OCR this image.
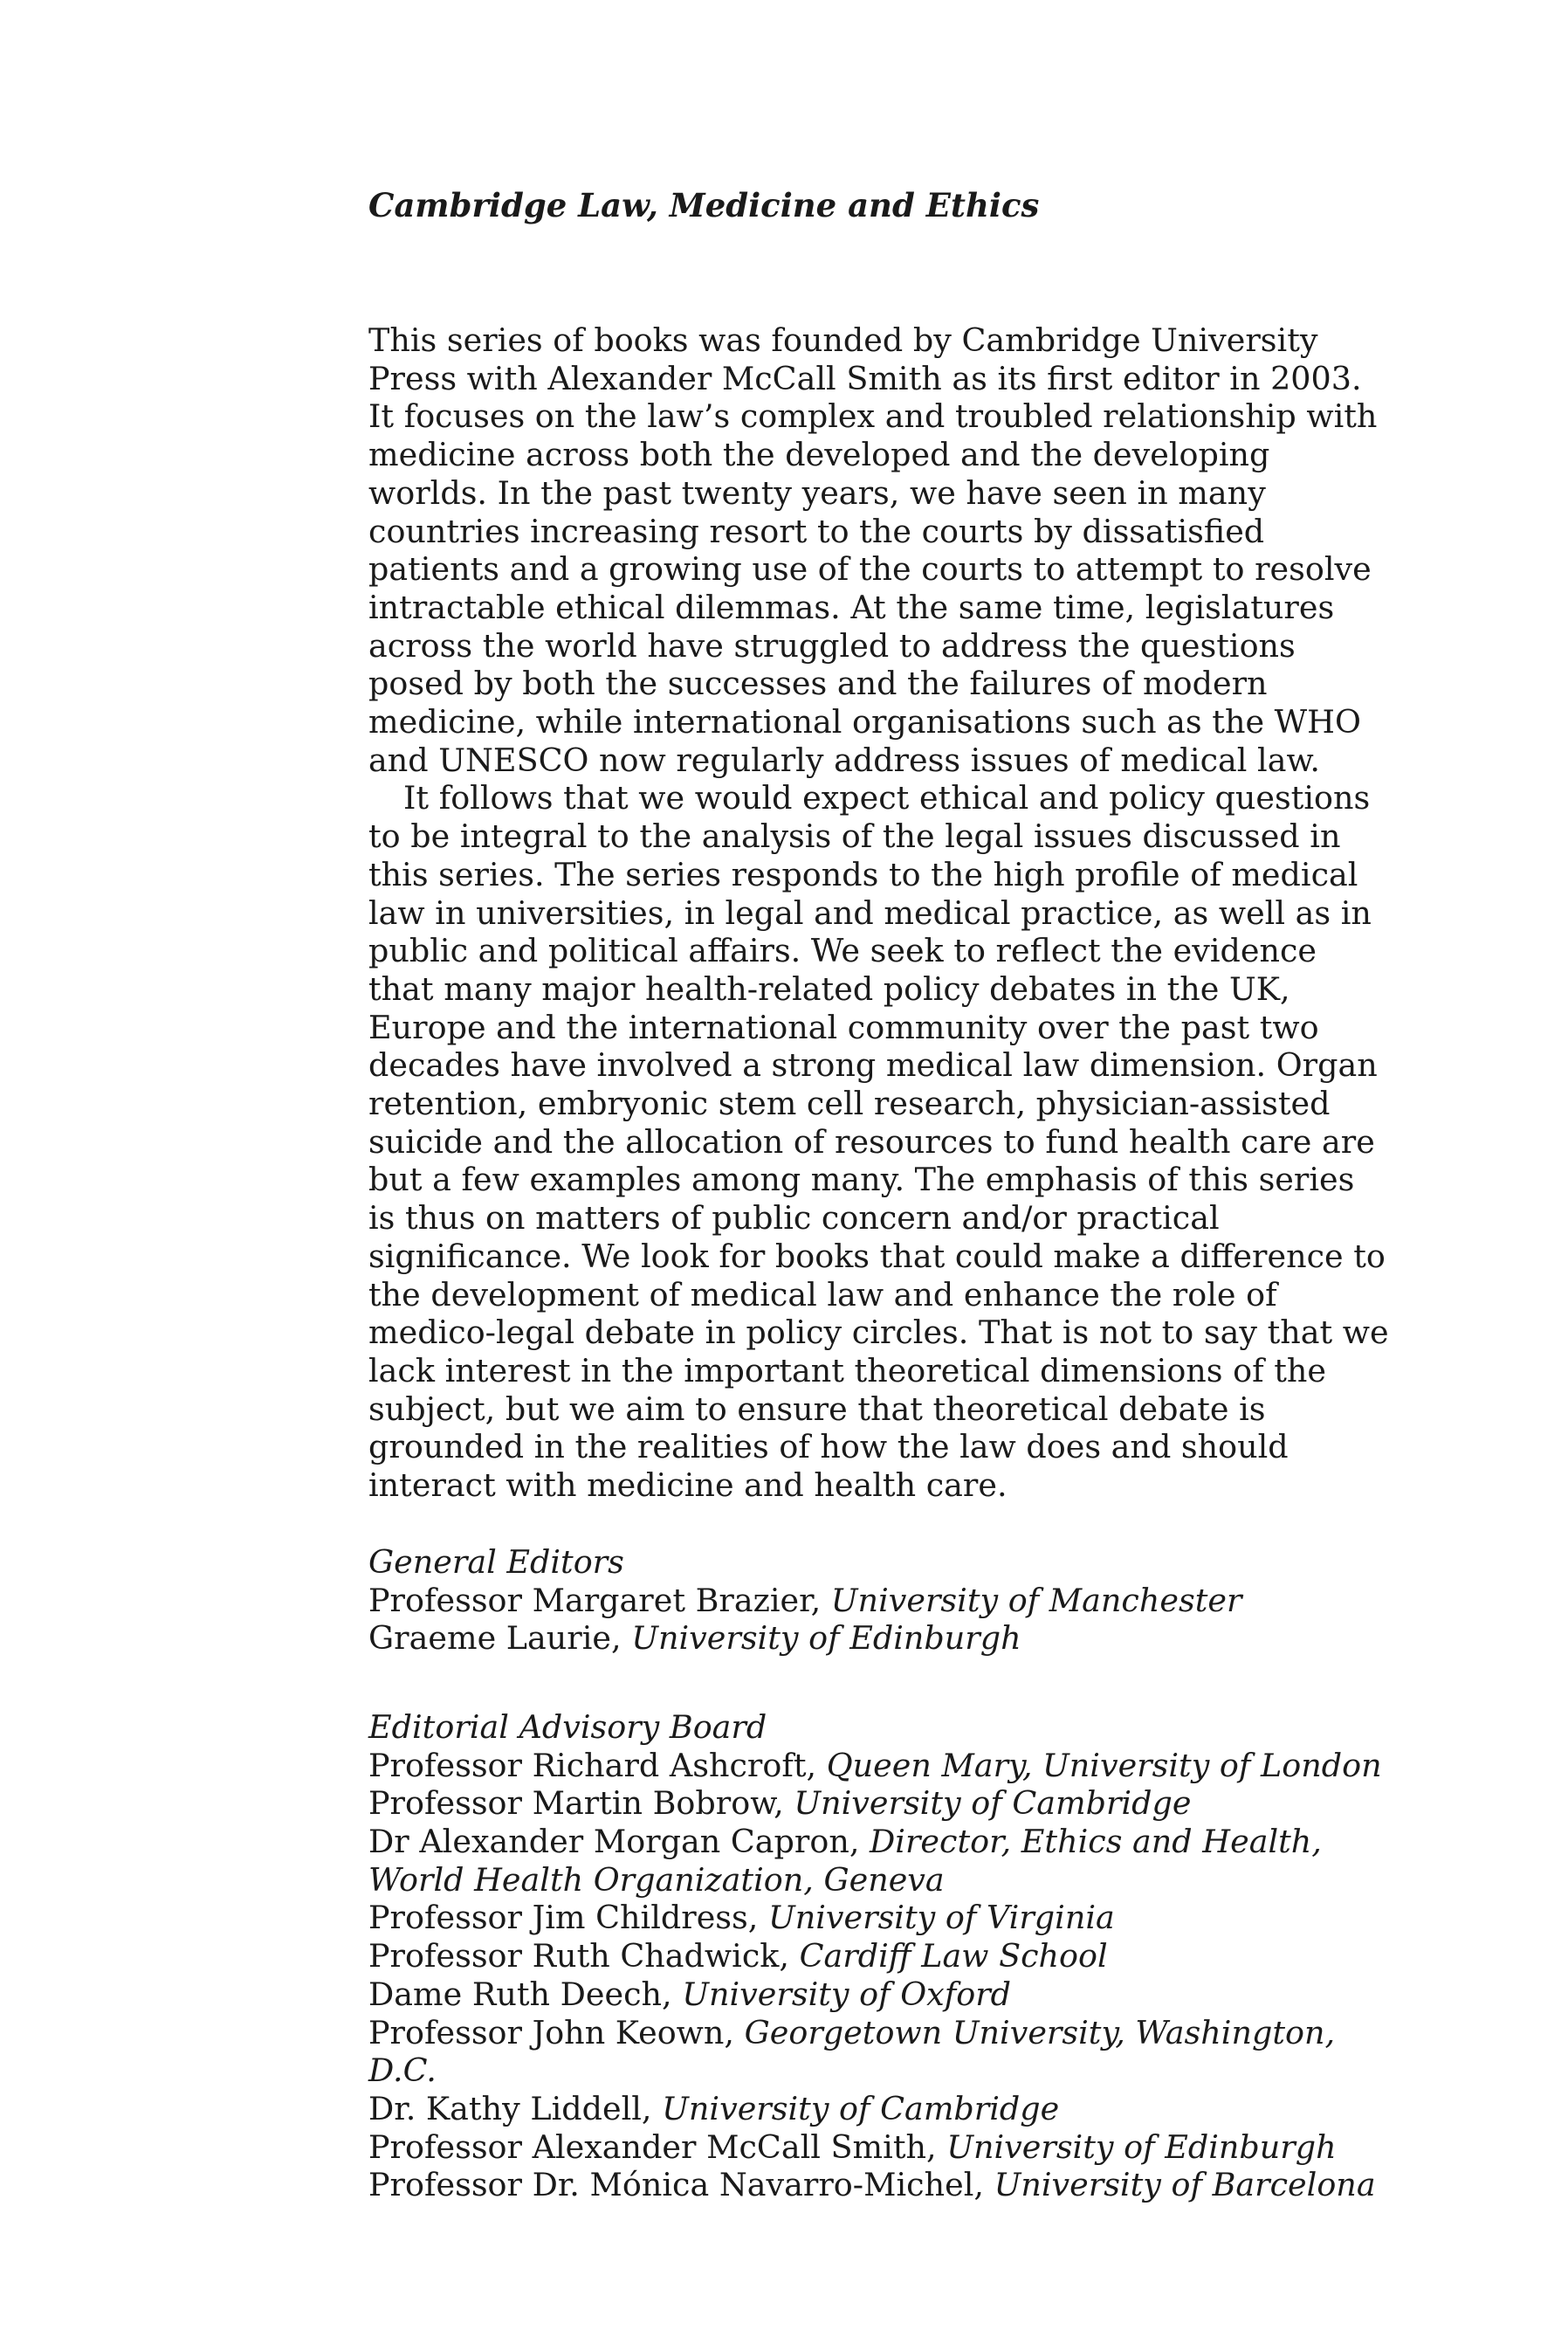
Cambridge Law, Medicine and Ethics

This series of books was founded by Cambridge University Press with Alexander McCall Smith as its first editor in 2003. It focuses on the law’s complex and troubled relationship with medicine across both the developed and the developing worlds. In the past twenty years, we have seen in many countries increasing resort to the courts by dissatisfied patients and a growing use of the courts to attempt to resolve intractable ethical dilemmas. At the same time, legislatures across the world have struggled to address the questions posed by both the successes and the failures of modern medicine, while international organisations such as the WHO and UNESCO now regularly address issues of medical law.

It follows that we would expect ethical and policy questions to be integral to the analysis of the legal issues discussed in this series. The series responds to the high profile of medical law in universities, in legal and medical practice, as well as in public and political affairs. We seek to reflect the evidence that many major health-related policy debates in the UK, Europe and the international community over the past two decades have involved a strong medical law dimension. Organ retention, embryonic stem cell research, physician-assisted suicide and the allocation of resources to fund health care are but a few examples among many. The emphasis of this series is thus on matters of public concern and/or practical significance. We look for books that could make a difference to the development of medical law and enhance the role of medico-legal debate in policy circles. That is not to say that we lack interest in the important theoretical dimensions of the subject, but we aim to ensure that theoretical debate is grounded in the realities of how the law does and should interact with medicine and health care.

General Editors

Professor Margaret Brazier, University of Manchester

Graeme Laurie, University of Edinburgh

Editorial Advisory Board

Professor Richard Ashcroft, Queen Mary, University of London

Professor Martin Bobrow, University of Cambridge

Dr Alexander Morgan Capron, Director, Ethics and Health, World Health Organization, Geneva

Professor Jim Childress, University of Virginia

Professor Ruth Chadwick, Cardiff Law School

Dame Ruth Deech, University of Oxford

Professor John Keown, Georgetown University, Washington, D.C.

Dr. Kathy Liddell, University of Cambridge

Professor Alexander McCall Smith, University of Edinburgh

Professor Dr. Mónica Navarro-Michel, University of Barcelona
